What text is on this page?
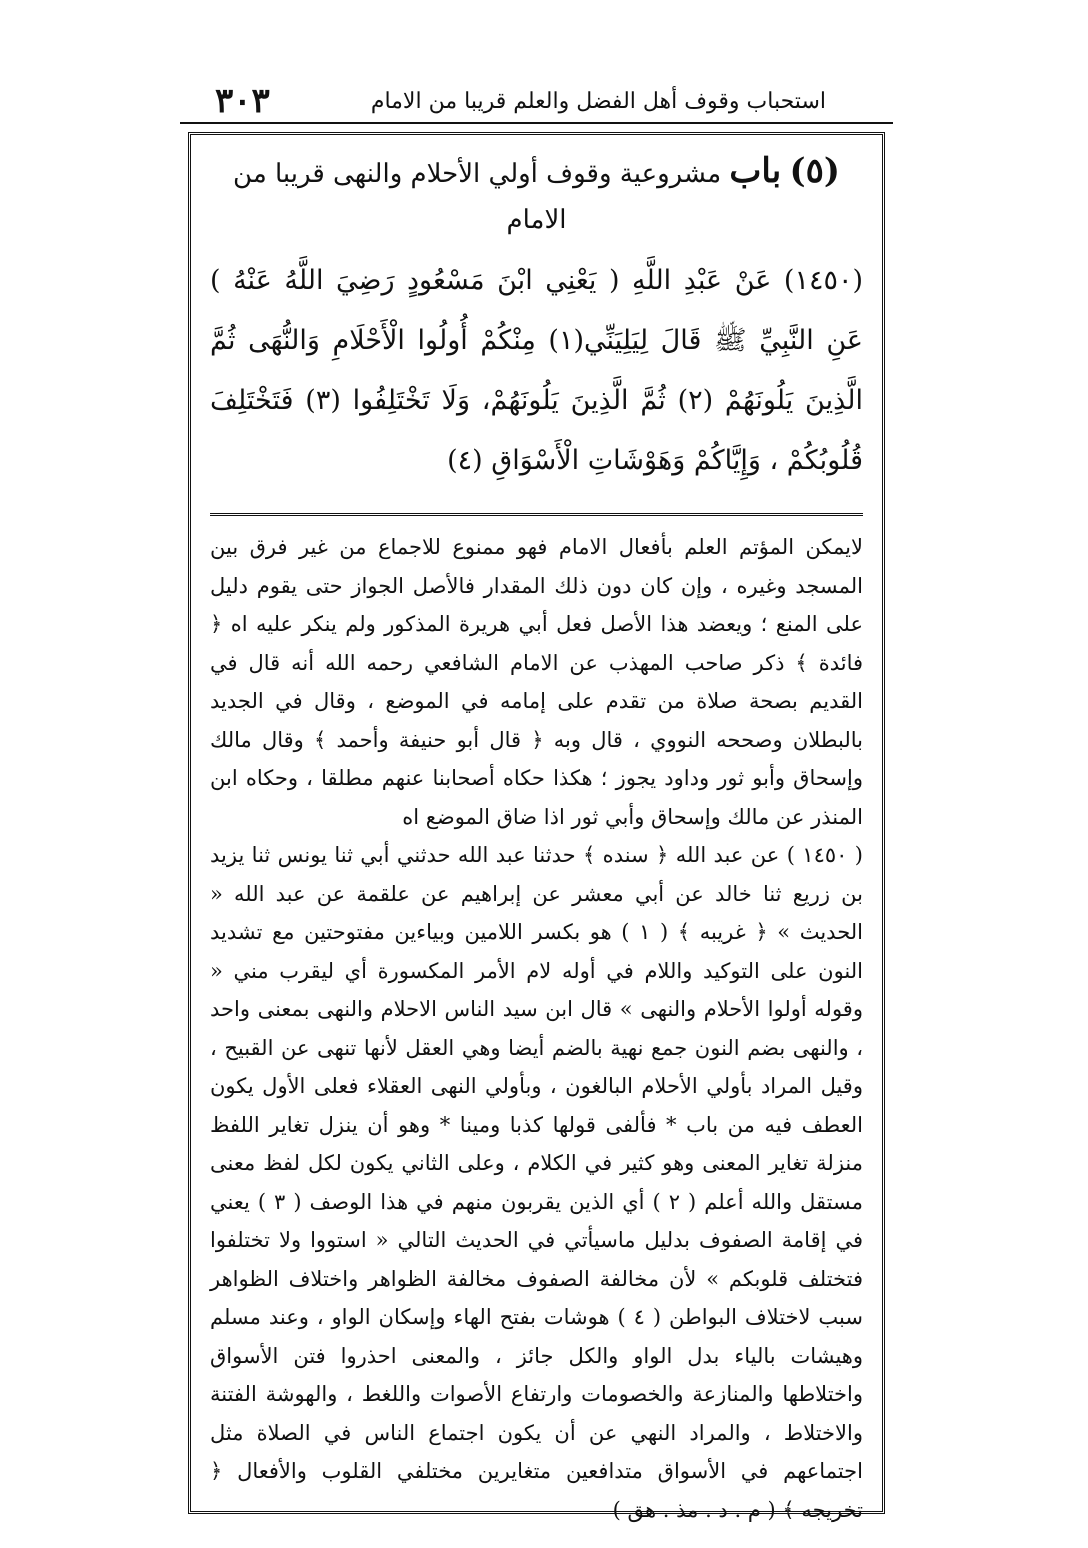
استحباب وقوف أهل الفضل والعلم قريبا من الامام
٣٠٣
(٥) باب مشروعية وقوف أولي الأحلام والنهى قريبا من الامام
(١٤٥٠) عَنْ عَبْدِ اللَّهِ ( يَعْنِي ابْنَ مَسْعُودٍ رَضِيَ اللَّهُ عَنْهُ ) عَنِ النَّبِيِّ ﷺ قَالَ لِيَلِيَنِّي(١) مِنْكُمْ أُولُوا الْأَحْلَامِ وَالنُّهَى ثُمَّ الَّذِينَ يَلُونَهُمْ (٢) ثُمَّ الَّذِينَ يَلُونَهُمْ، وَلَا تَخْتَلِفُوا (٣) فَتَخْتَلِفَ قُلُوبُكُمْ ، وَإِيَّاكُمْ وَهَوْشَاتِ الْأَسْوَاقِ (٤)

لايمكن المؤتم العلم بأفعال الامام فهو ممنوع للاجماع من غير فرق بين المسجد وغيره ، وإن كان دون ذلك المقدار فالأصل الجواز حتى يقوم دليل على المنع ؛ ويعضد هذا الأصل فعل أبي هريرة المذكور ولم ينكر عليه اه ﴿ فائدة ﴾ ذكر صاحب المهذب عن الامام الشافعي رحمه الله أنه قال في القديم بصحة صلاة من تقدم على إمامه في الموضع ، وقال في الجديد بالبطلان وصححه النووي ، قال وبه ﴿ قال أبو حنيفة وأحمد ﴾ وقال مالك وإسحاق وأبو ثور وداود يجوز ؛ هكذا حكاه أصحابنا عنهم مطلقا ، وحكاه ابن المنذر عن مالك وإسحاق وأبي ثور اذا ضاق الموضع اه

( ١٤٥٠ ) عن عبد الله ﴿ سنده ﴾ حدثنا عبد الله حدثني أبي ثنا يونس ثنا يزيد بن زريع ثنا خالد عن أبي معشر عن إبراهيم عن علقمة عن عبد الله « الحديث » ﴿ غريبه ﴾ ( ١ ) هو بكسر اللامين وبياءين مفتوحتين مع تشديد النون على التوكيد واللام في أوله لام الأمر المكسورة أي ليقرب مني « وقوله أولوا الأحلام والنهى » قال ابن سيد الناس الاحلام والنهى بمعنى واحد ، والنهى بضم النون جمع نهية بالضم أيضا وهي العقل لأنها تنهى عن القبيح ، وقيل المراد بأولي الأحلام البالغون ، وبأولي النهى العقلاء فعلى الأول يكون العطف فيه من باب * فألفى قولها كذبا ومينا * وهو أن ينزل تغاير اللفظ منزلة تغاير المعنى وهو كثير في الكلام ، وعلى الثاني يكون لكل لفظ معنى مستقل والله أعلم ( ٢ ) أي الذين يقربون منهم في هذا الوصف ( ٣ ) يعني في إقامة الصفوف بدليل ماسيأتي في الحديث التالي « استووا ولا تختلفوا فتختلف قلوبكم » لأن مخالفة الصفوف مخالفة الظواهر واختلاف الظواهر سبب لاختلاف البواطن ( ٤ ) هوشات بفتح الهاء وإسكان الواو ، وعند مسلم وهيشات بالياء بدل الواو والكل جائز ، والمعنى احذروا فتن الأسواق واختلاطها والمنازعة والخصومات وارتفاع الأصوات واللغط ، والهوشة الفتنة والاختلاط ، والمراد النهي عن أن يكون اجتماع الناس في الصلاة مثل اجتماعهم في الأسواق متدافعين متغايرين مختلفي القلوب والأفعال ﴿ تخريجه ﴾ ( م . د . مذ . هق )
